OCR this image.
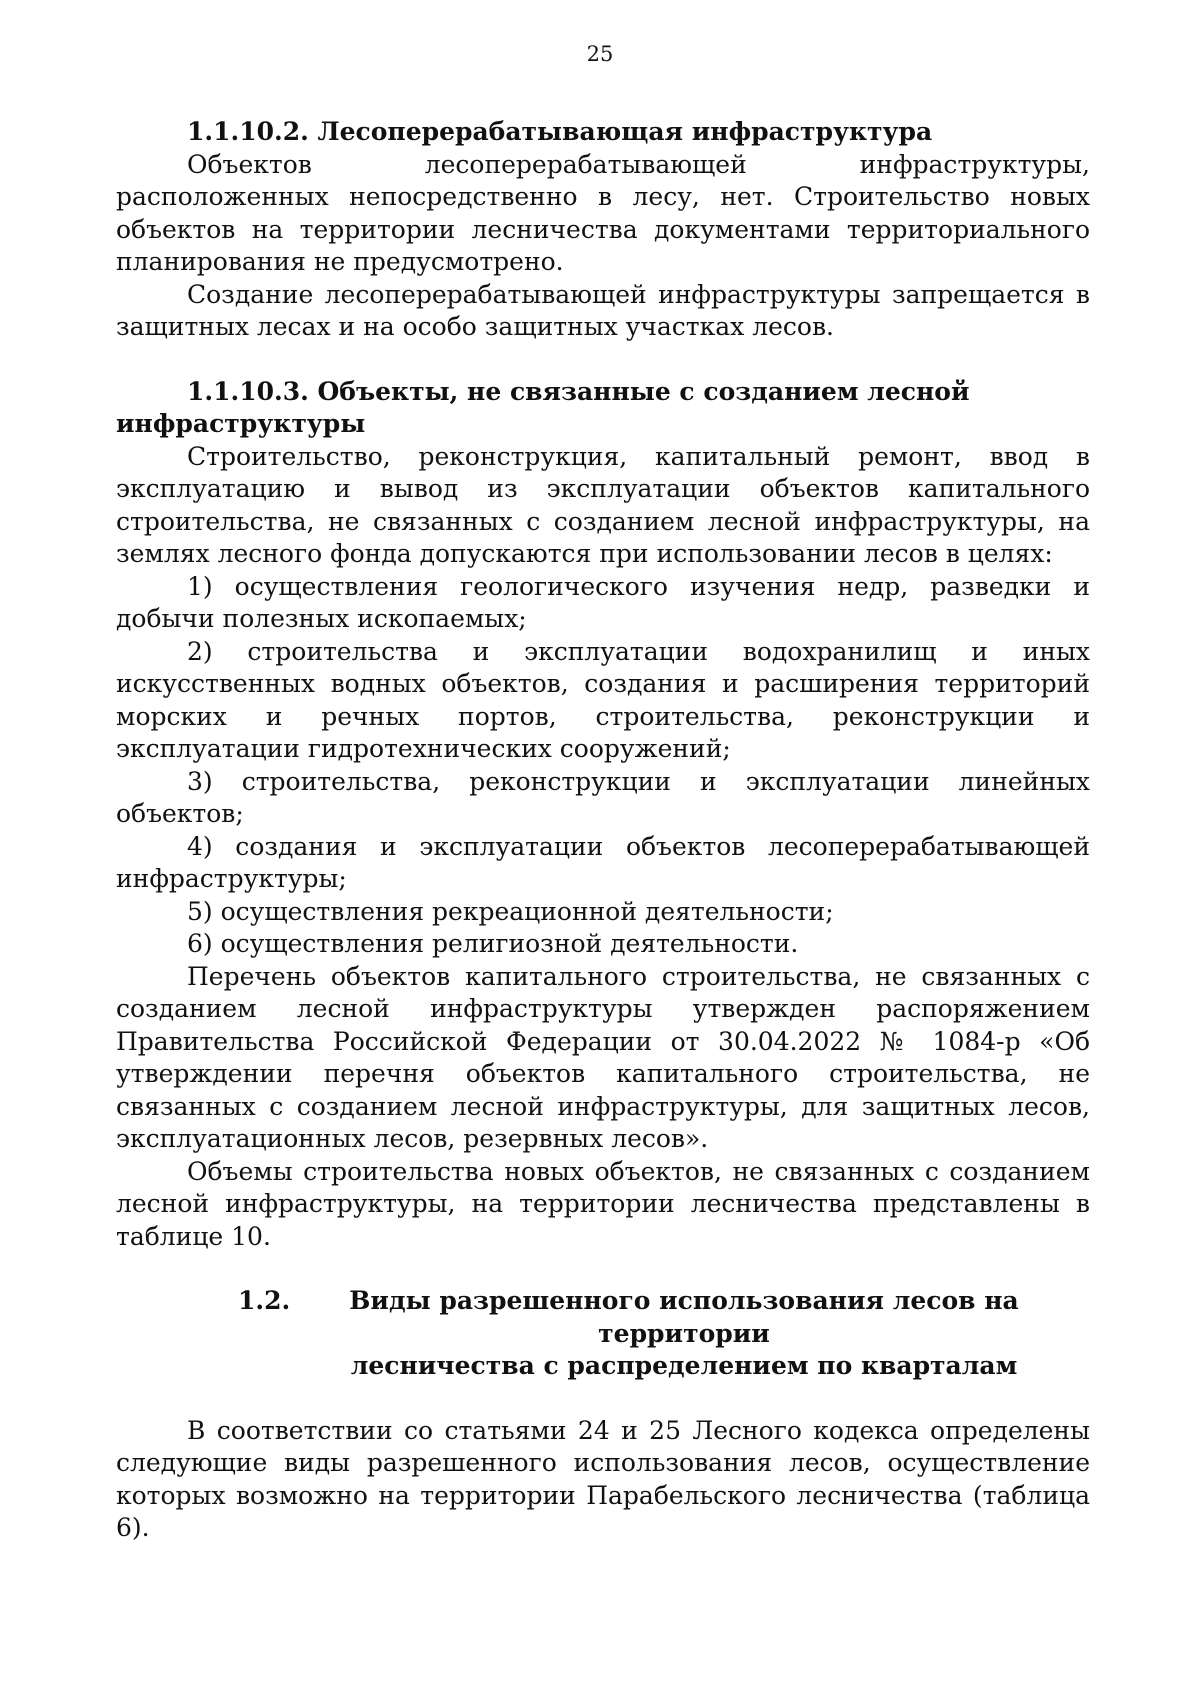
25
1.1.10.2. Лесоперерабатывающая инфраструктура

Объектов лесоперерабатывающей инфраструктуры, расположенных непосредственно в лесу, нет. Строительство новых объектов на территории лесничества документами территориального планирования не предусмотрено.

Создание лесоперерабатывающей инфраструктуры запрещается в защитных лесах и на особо защитных участках лесов.

1.1.10.3. Объекты, не связанные с созданием лесной инфраструктуры

Строительство, реконструкция, капитальный ремонт, ввод в эксплуатацию и вывод из эксплуатации объектов капитального строительства, не связанных с созданием лесной инфраструктуры, на землях лесного фонда допускаются при использовании лесов в целях:

1) осуществления геологического изучения недр, разведки и добычи полезных ископаемых;

2) строительства и эксплуатации водохранилищ и иных искусственных водных объектов, создания и расширения территорий морских и речных портов, строительства, реконструкции и эксплуатации гидротехнических сооружений;

3) строительства, реконструкции и эксплуатации линейных объектов;

4) создания и эксплуатации объектов лесоперерабатывающей инфраструктуры;

5) осуществления рекреационной деятельности;

6) осуществления религиозной деятельности.

Перечень объектов капитального строительства, не связанных с созданием лесной инфраструктуры утвержден распоряжением Правительства Российской Федерации от 30.04.2022 № 1084-р «Об утверждении перечня объектов капитального строительства, не связанных с созданием лесной инфраструктуры, для защитных лесов, эксплуатационных лесов, резервных лесов».

Объемы строительства новых объектов, не связанных с созданием лесной инфраструктуры, на территории лесничества представлены в таблице 10.

1.2.	Виды разрешенного использования лесов на территории
лесничества с распределением по кварталам

В соответствии со статьями 24 и 25 Лесного кодекса определены следующие виды разрешенного использования лесов, осуществление которых возможно на территории Парабельского лесничества (таблица 6).
